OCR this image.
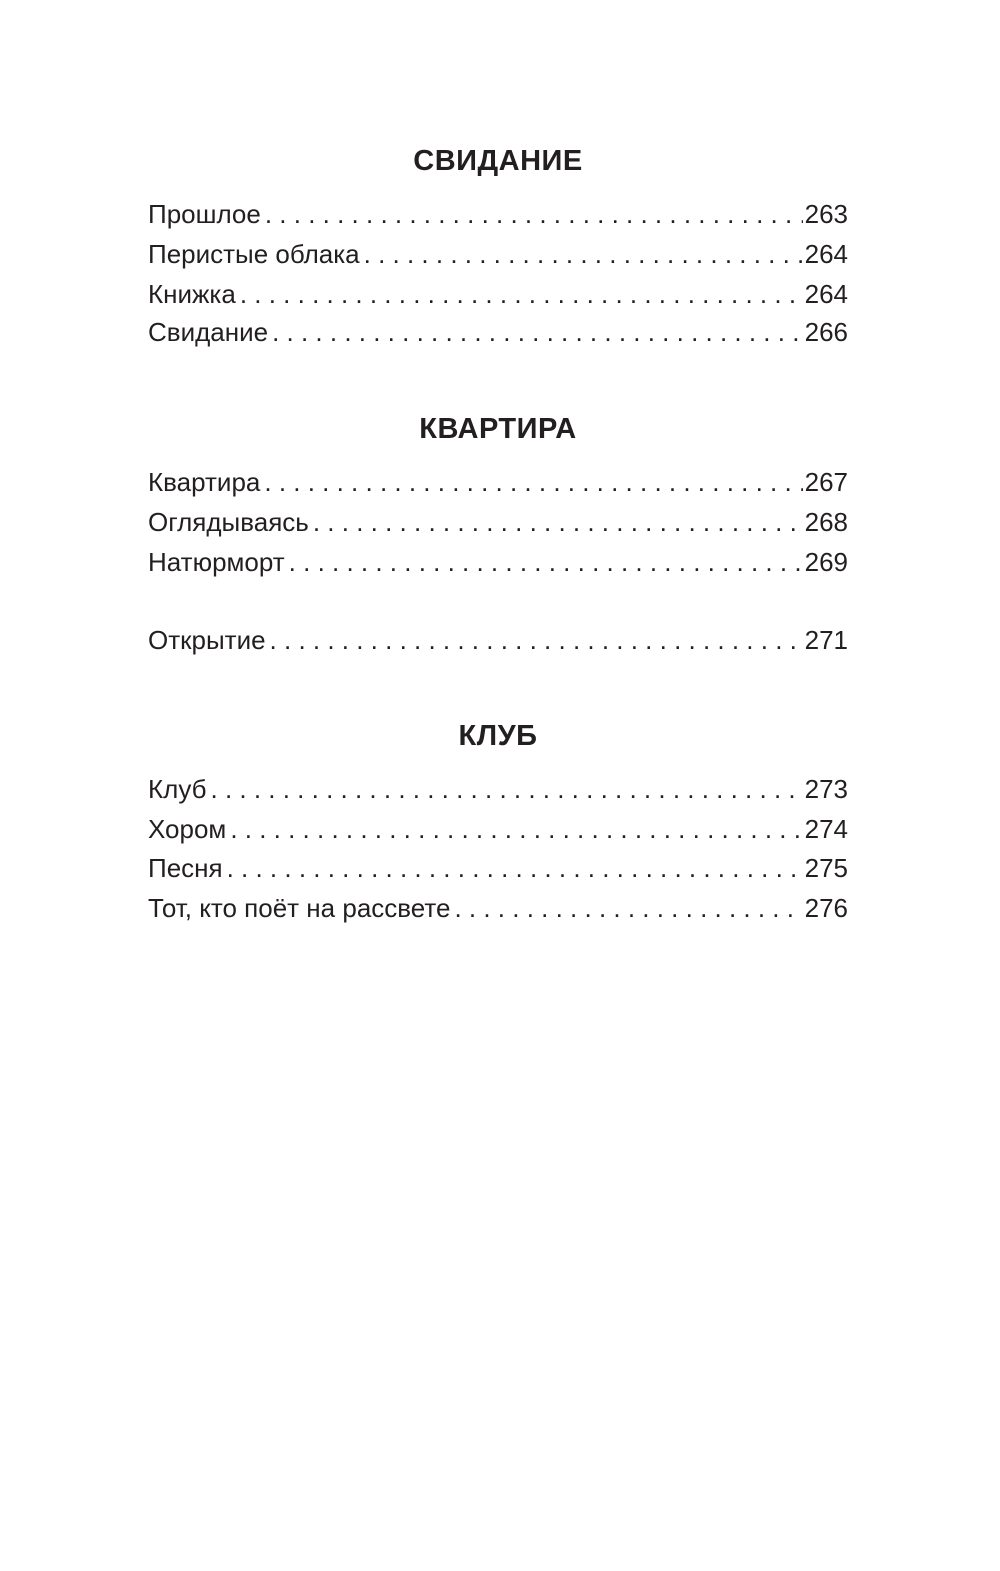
СВИДАНИЕ
Прошлое . . .	263
Перистые облака . . .	264
Книжка . . .	264
Свидание . . .	266
КВАРТИРА
Квартира . . .	267
Оглядываясь . . .	268
Натюрморт . . .	269
Открытие . . .	271
КЛУБ
Клуб . . .	273
Хором . . .	274
Песня . . .	275
Тот, кто поёт на рассвете . . .	276
